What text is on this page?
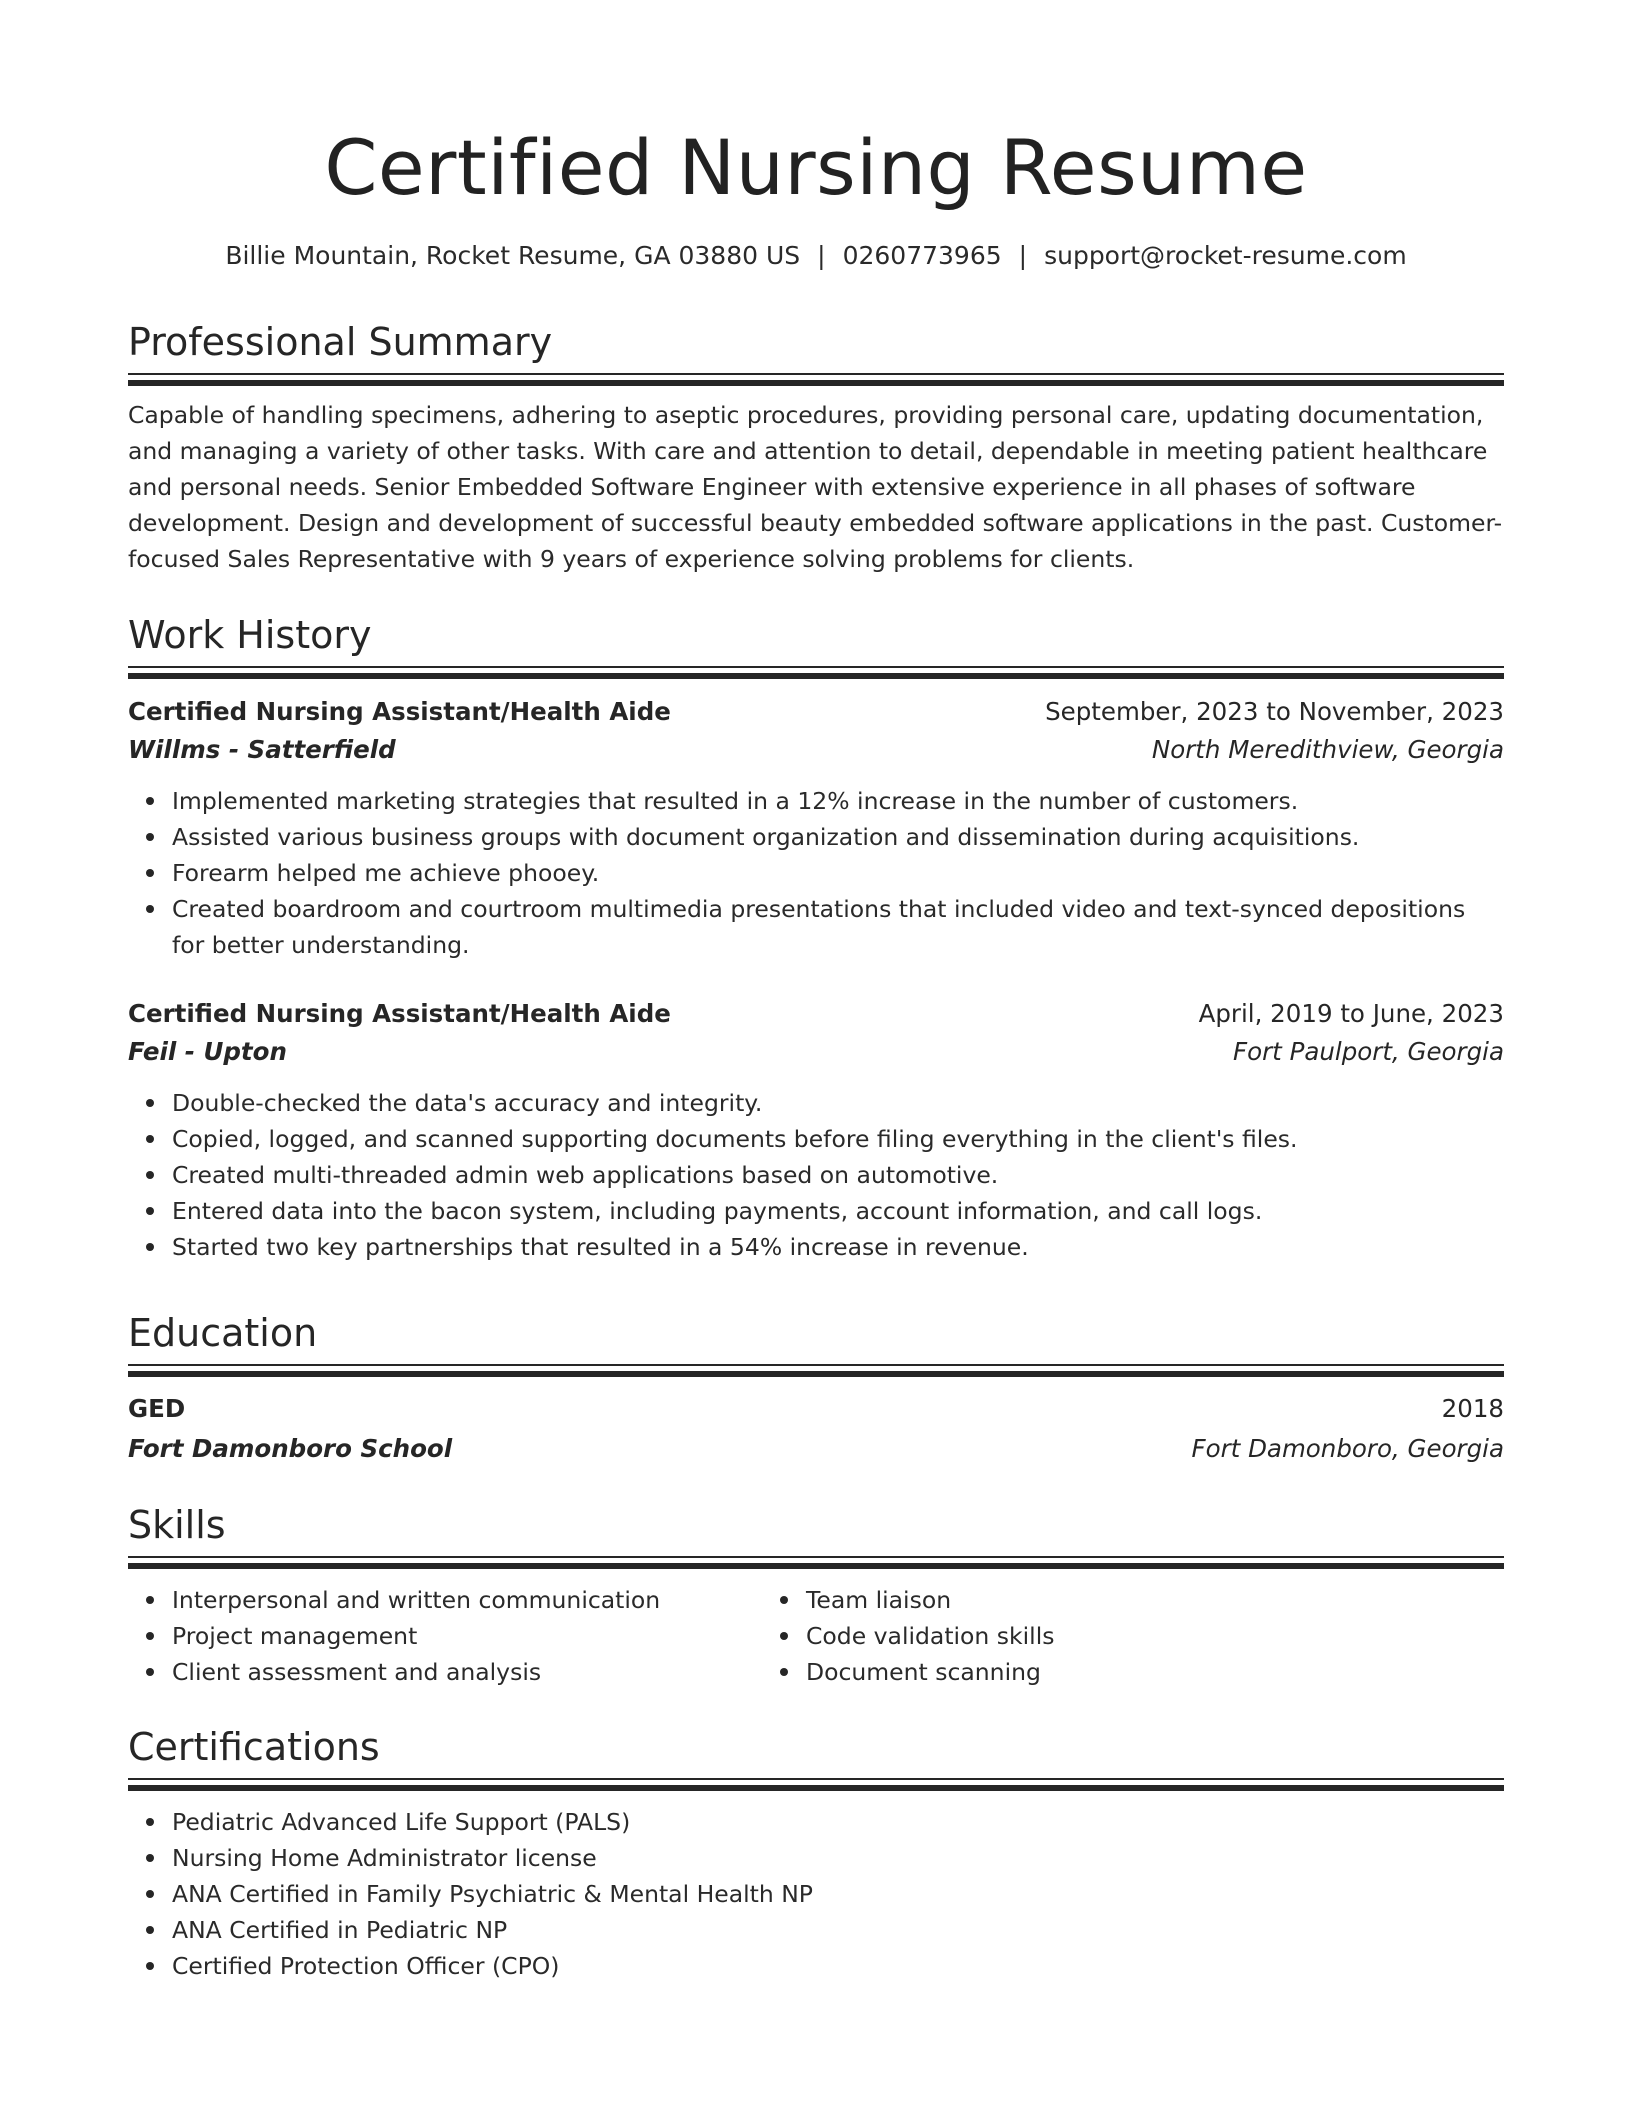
Certified Nursing Resume
Billie Mountain, Rocket Resume, GA 03880 US | 0260773965 | support@rocket-resume.com
Professional Summary

Capable of handling specimens, adhering to aseptic procedures, providing personal care, updating documentation, and managing a variety of other tasks. With care and attention to detail, dependable in meeting patient healthcare and personal needs. Senior Embedded Software Engineer with extensive experience in all phases of software development. Design and development of successful beauty embedded software applications in the past. Customer-focused Sales Representative with 9 years of experience solving problems for clients.

Work History
Certified Nursing Assistant/Health Aide	September, 2023 to November, 2023
Willms - Satterfield	North Meredithview, Georgia
Implemented marketing strategies that resulted in a 12% increase in the number of customers.
Assisted various business groups with document organization and dissemination during acquisitions.
Forearm helped me achieve phooey.
Created boardroom and courtroom multimedia presentations that included video and text-synced depositions for better understanding.
Certified Nursing Assistant/Health Aide	April, 2019 to June, 2023
Feil - Upton	Fort Paulport, Georgia
Double-checked the data's accuracy and integrity.
Copied, logged, and scanned supporting documents before filing everything in the client's files.
Created multi-threaded admin web applications based on automotive.
Entered data into the bacon system, including payments, account information, and call logs.
Started two key partnerships that resulted in a 54% increase in revenue.
Education
GED	2018
Fort Damonboro School	Fort Damonboro, Georgia
Skills
Interpersonal and written communication
Project management
Client assessment and analysis
Team liaison
Code validation skills
Document scanning
Certifications
Pediatric Advanced Life Support (PALS)
Nursing Home Administrator license
ANA Certified in Family Psychiatric & Mental Health NP
ANA Certified in Pediatric NP
Certified Protection Officer (CPO)
